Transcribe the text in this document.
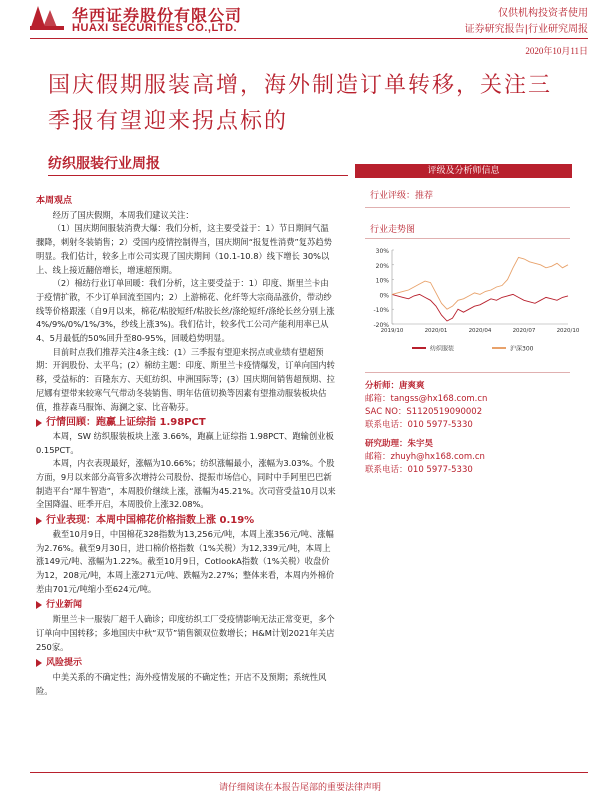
华西证券股份有限公司
HUAXI SECURITIES CO.,LTD.
仅供机构投资者使用
证券研究报告|行业研究周报
2020年10月11日
国庆假期服装高增，海外制造订单转移，关注三季报有望迎来拐点标的
纺织服装行业周报

本周观点

经历了国庆假期，本周我们建议关注：

（1）国庆期间服装消费大爆：我们分析，这主要受益于：1）节日期间气温骤降，刺射冬装销售；2）受国内疫情控制得当，国庆期间“报复性消费”复苏趋势明显。我们估计，较多上市公司实现了国庆期间（10.1-10.8）线下增长 30%以上、线上接近翻倍增长，增速超预期。

（2）棉纺行业订单回暖：我们分析，这主要受益于：1）印度、斯里兰卡由于疫情扩散，不少订单回流至国内；2）上游棉花、化纤等大宗商品涨价，带动纱线等价格跟涨（自9月以来，棉花/粘胶短纤/粘胶长丝/涤纶短纤/涤纶长丝分别上涨 4%/9%/0%/1%/3%，纱线上涨3%)。我们估计，较多代工公司产能利用率已从4、5月最低的50%回升至80-95%，回暖趋势明显。

目前时点我们推荐关注4条主线：(1）三季报有望迎来拐点或业绩有望超预期：开润股份、太平鸟；(2）棉纺主题：印度、斯里兰卡疫情爆发，订单向国内转移，受益标的：百隆东方、天虹纺织、申洲国际等；(3）国庆期间销售超预期、拉尼娜有望带来较寒气气带动冬装销售、明年估值切换等因素有望推动服装板块估值，推荐森马服饰、海澜之家、比音勒芬。

行情回顾：跑赢上证综指 1.98PCT

本周，SW 纺织服装板块上涨 3.66%，跑赢上证综指 1.98PCT、跑输创业板 0.15PCT。

本周，内衣表现最好，涨幅为10.66%；纺织涨幅最小，涨幅为3.03%。个股方面，9月以来部分高管多次增持公司股份、提振市场信心，同时中手阿里巴巴新制造平台“犀牛智造”，本周股价继续上涨，涨幅为45.21%。次司营受益10月以来全国降温、旺季开启，本周股价上涨32.08%。

行业表现：本周中国棉花价格指数上涨 0.19%

截至10月9日，中国棉花328指数为13,256元/吨，本周上涨356元/吨、涨幅为2.76%。截至9月30日，进口棉价格指数（1%关税）为12,339元/吨，本周上涨149元/吨、涨幅为1.22%。截至10月9日，CotlookA指数（1%关税）收盘价为12，208元/吨，本周上涨271元/吨、跌幅为2.27%；整体来看，本周内外棉价差由701元/吨缩小至624元/吨。

行业新闻

斯里兰卡一服装厂超千人确诊；印度纺织工厂受疫情影响无法正常变更，多个订单向中国转移；多地国庆中秋“双节”销售额双位数增长；H&M计划2021年关店250家。

风险提示

中美关系的不确定性；海外疫情发展的不确定性；开店不及预期；系统性风险。

评级及分析师信息
行业评级：推荐
行业走势图
30%
20%
10%
0%
-10%
-20%
2019/10	2020/01	2020/04	2020/07	2020/10
纺织服装	沪深300
分析师：唐爽爽
邮箱：tangss@hx168.com.cn
SAC NO：S1120519090002
联系电话：010 5977-5330
研究助理：朱宇昊
邮箱：zhuyh@hx168.com.cn
联系电话：010 5977-5330
请仔细阅读在本报告尾部的重要法律声明
